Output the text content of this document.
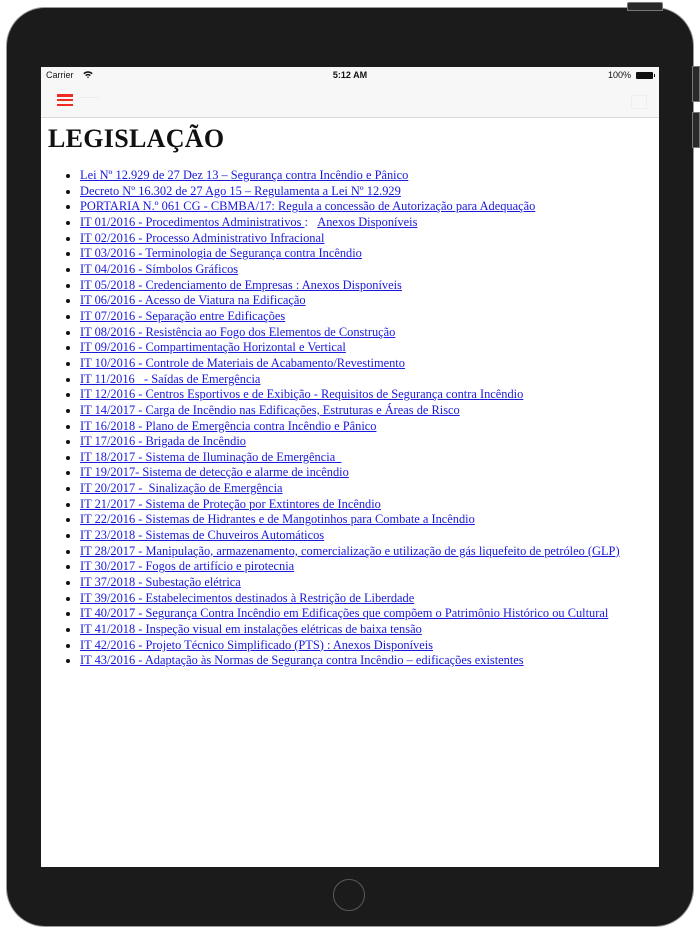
Carrier	5:12 AM	100%
LEGISLAÇÃO
• Lei Nº 12.929 de 27 Dez 13 – Segurança contra Incêndio e Pânico
• Decreto Nº 16.302 de 27 Ago 15 – Regulamenta a Lei Nº 12.929
• PORTARIA N.º 061 CG - CBMBA/17: Regula a concessão de Autorização para Adequação
• IT 01/2016 - Procedimentos Administrativos : Anexos Disponíveis
• IT 02/2016 - Processo Administrativo Infracional
• IT 03/2016 - Terminologia de Segurança contra Incêndio
• IT 04/2016 - Símbolos Gráficos
• IT 05/2018 - Credenciamento de Empresas : Anexos Disponíveis
• IT 06/2016 - Acesso de Viatura na Edificação
• IT 07/2016 - Separação entre Edificações
• IT 08/2016 - Resistência ao Fogo dos Elementos de Construção
• IT 09/2016 - Compartimentação Horizontal e Vertical
• IT 10/2016 - Controle de Materiais de Acabamento/Revestimento
• IT 11/2016   - Saídas de Emergência
• IT 12/2016 - Centros Esportivos e de Exibição - Requisitos de Segurança contra Incêndio
• IT 14/2017 - Carga de Incêndio nas Edificações, Estruturas e Áreas de Risco
• IT 16/2018 - Plano de Emergência contra Incêndio e Pânico
• IT 17/2016 - Brigada de Incêndio
• IT 18/2017 - Sistema de Iluminação de Emergência
• IT 19/2017- Sistema de detecção e alarme de incêndio
• IT 20/2017 -  Sinalização de Emergência
• IT 21/2017 - Sistema de Proteção por Extintores de Incêndio
• IT 22/2016 - Sistemas de Hidrantes e de Mangotinhos para Combate a Incêndio
• IT 23/2018 - Sistemas de Chuveiros Automáticos
• IT 28/2017 - Manipulação, armazenamento, comercialização e utilização de gás liquefeito de petróleo (GLP)
• IT 30/2017 - Fogos de artifício e pirotecnia
• IT 37/2018 - Subestação elétrica
• IT 39/2016 - Estabelecimentos destinados à Restrição de Liberdade
• IT 40/2017 - Segurança Contra Incêndio em Edificações que compõem o Patrimônio Histórico ou Cultural
• IT 41/2018 - Inspeção visual em instalações elétricas de baixa tensão
• IT 42/2016 - Projeto Técnico Simplificado (PTS) : Anexos Disponíveis
• IT 43/2016 - Adaptação às Normas de Segurança contra Incêndio – edificações existentes
